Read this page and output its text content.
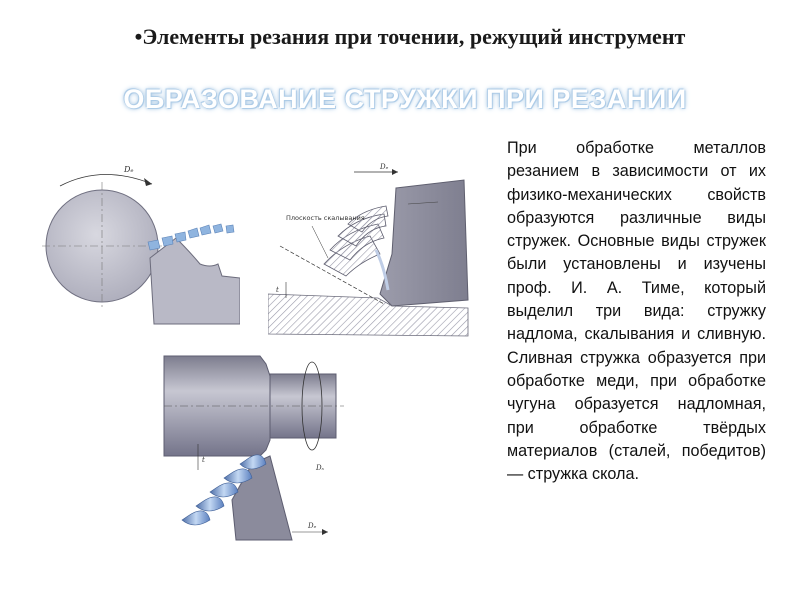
•Элементы резания при точении, режущий инструмент
ОБРАЗОВАНИЕ СТРУЖКИ ПРИ РЕЗАНИИ
Dₑ	Dₑ
Плоскость скалывания
t
Dₛ
Dₑ
t
При обработке металлов резанием в зависимости от их физико-механических свойств образуются различные виды стружек. Основные виды стружек были установлены и изучены проф. И. А. Тиме, который выделил три вида: стружку надлома, скалывания и сливную. Сливная стружка образуется при обработке меди, при обработке чугуна образуется надломная, при обработке твёрдых материалов (сталей, победитов) — стружка скола.
